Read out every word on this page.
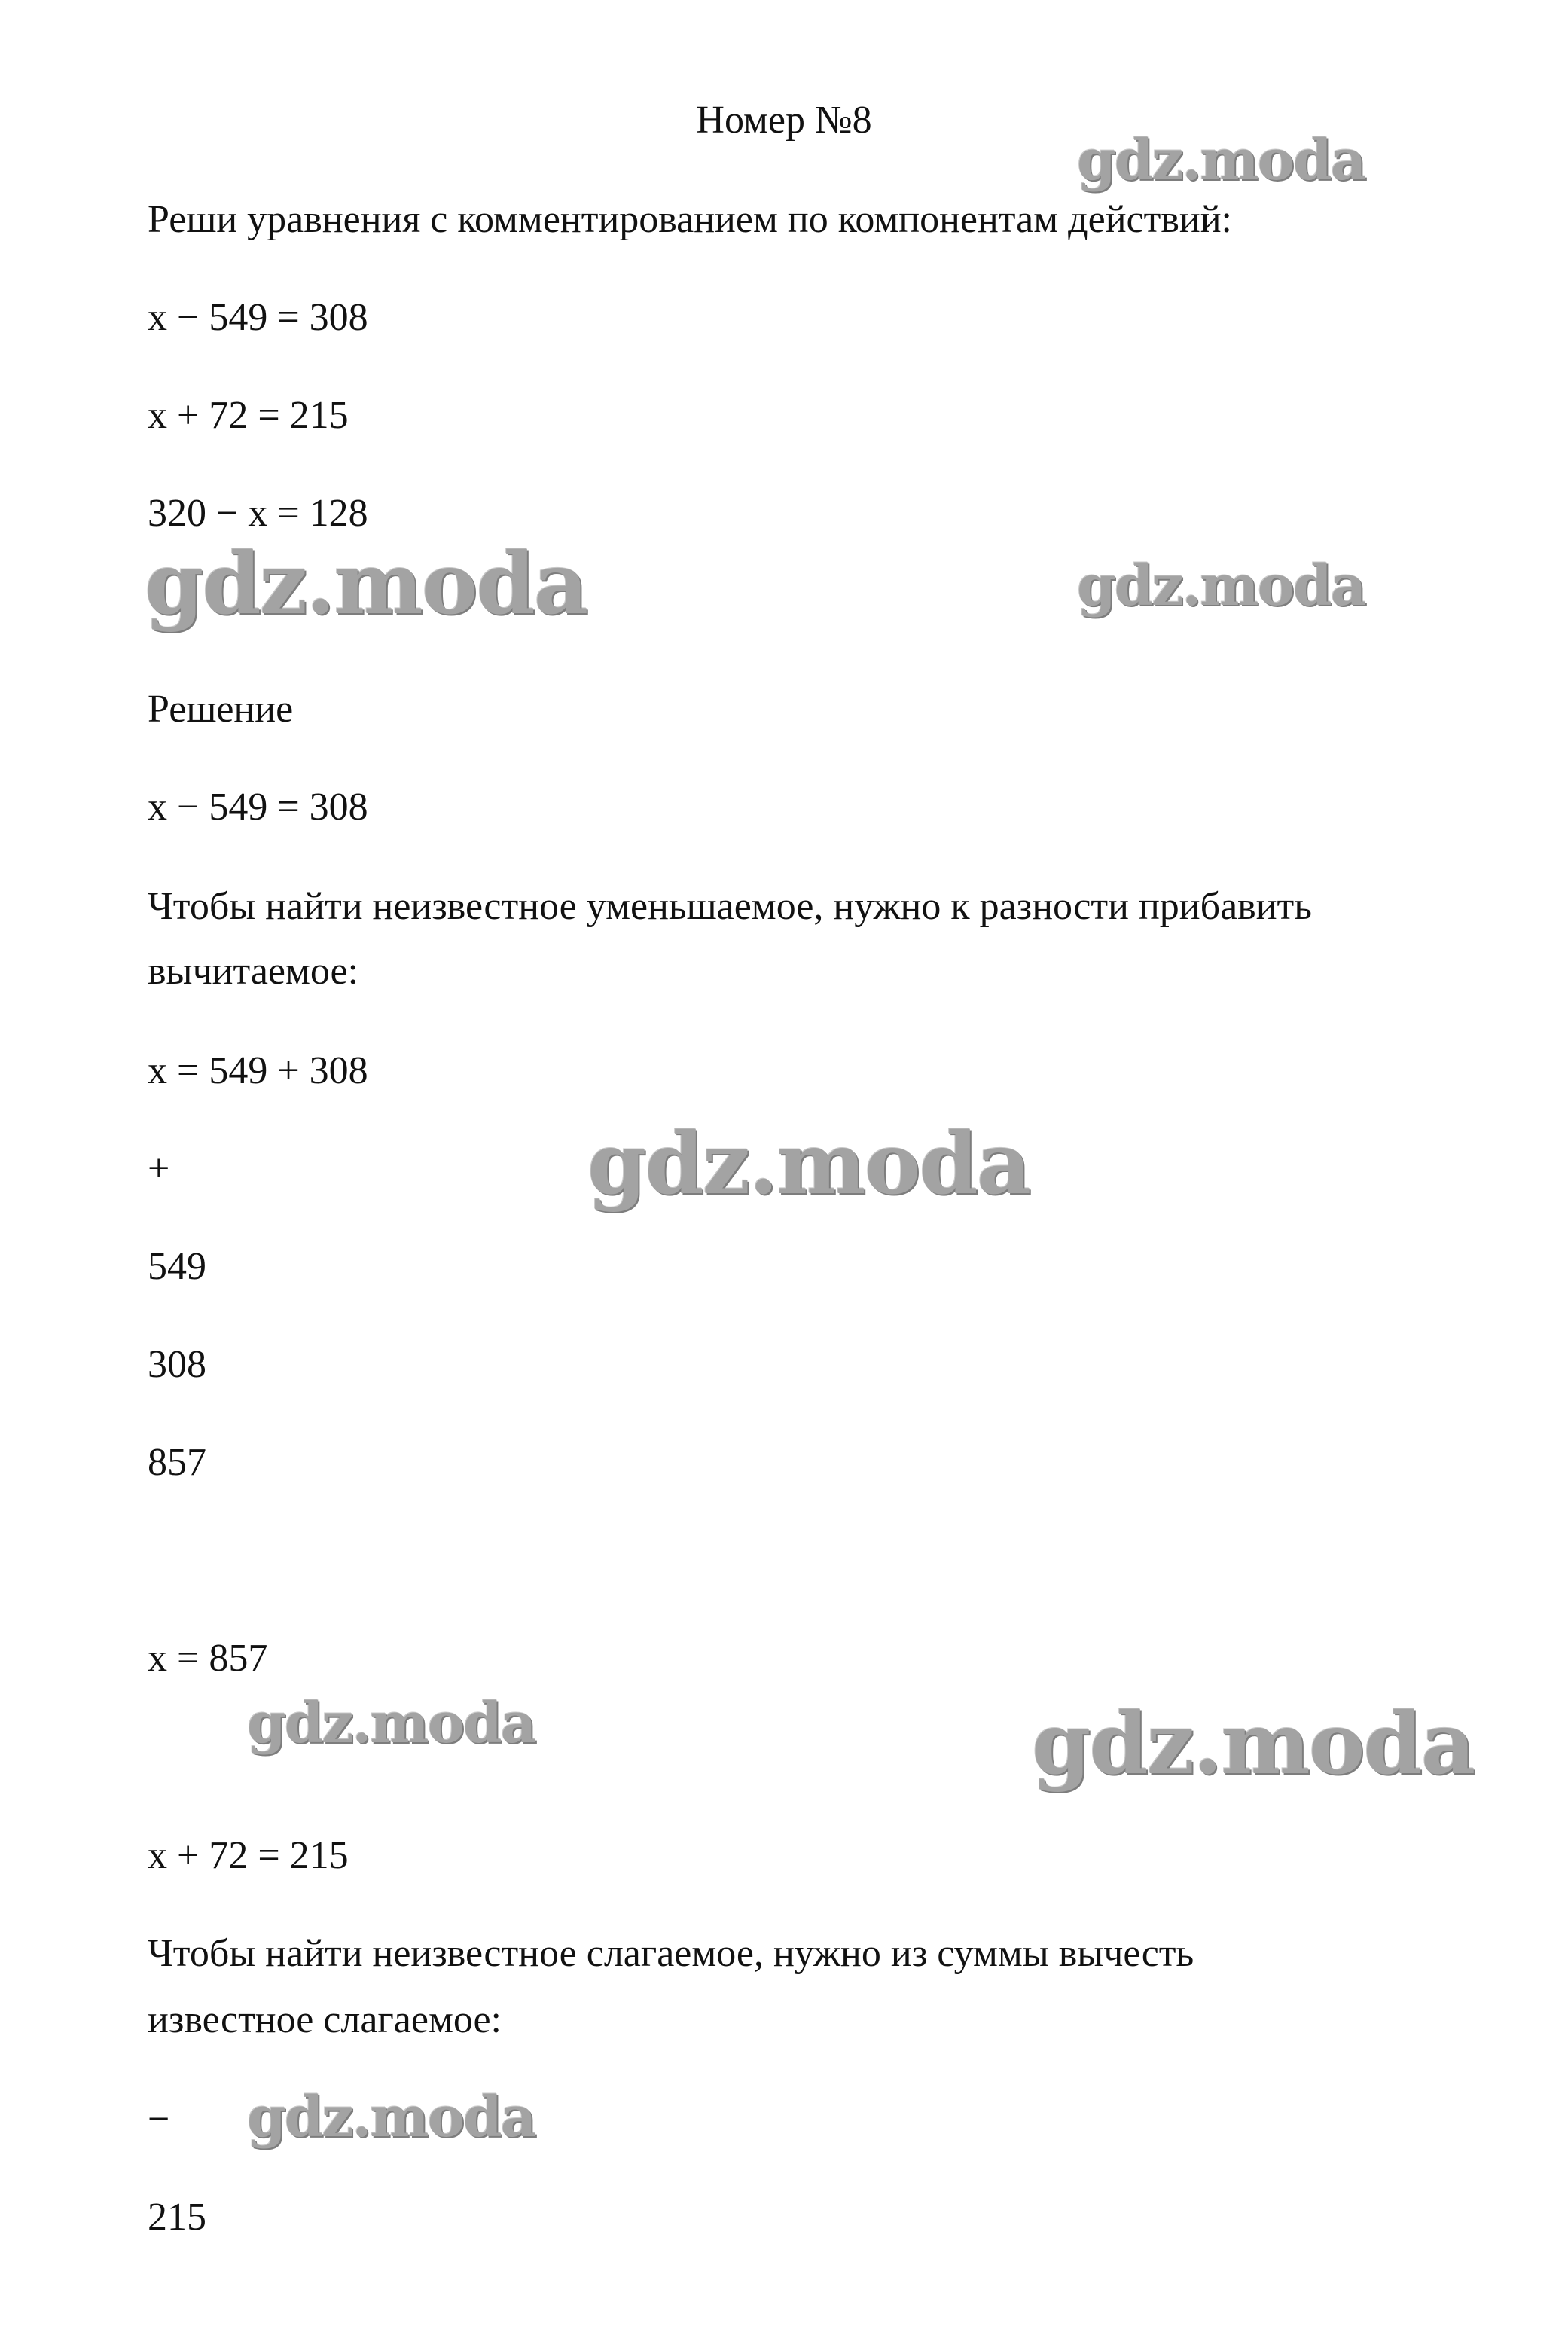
Номер №8
Реши уравнения с комментированием по компонентам действий:
x − 549 = 308
x + 72 = 215
320 − x = 128
Решение
x − 549 = 308
Чтобы найти неизвестное уменьшаемое, нужно к разности прибавить
вычитаемое:
x = 549 + 308
+
549
308
857
x = 857
x + 72 = 215
Чтобы найти неизвестное слагаемое, нужно из суммы вычесть
известное слагаемое:
−
215
gdz.moda
gdz.moda	gdz.moda
gdz.moda
gdz.moda	gdz.moda
gdz.moda
